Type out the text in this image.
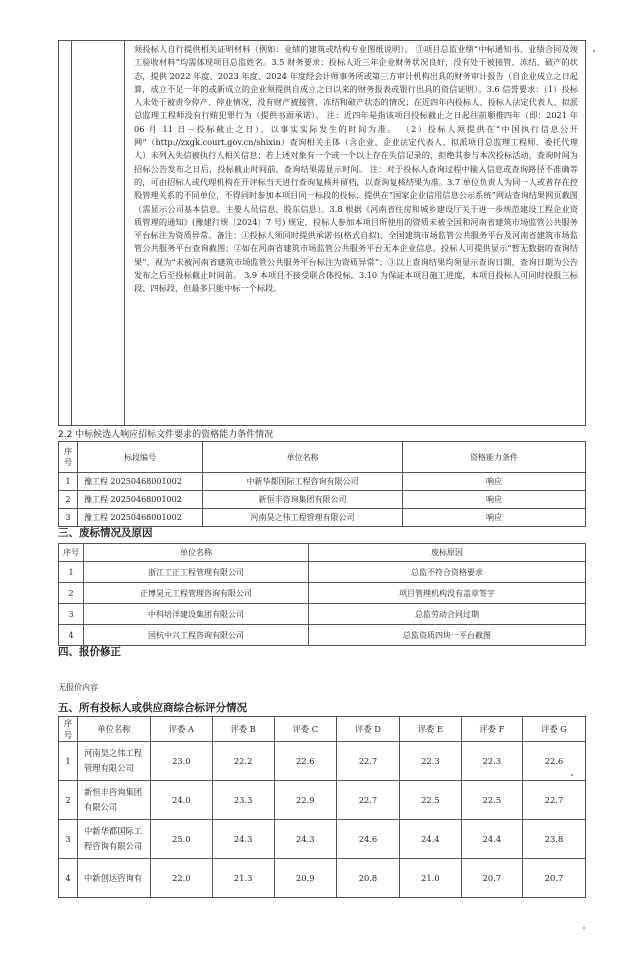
须投标人自行提供相关证明材料（例如：业绩的建筑或结构专业图纸说明）。 ③项目总监业绩“中标通知书、业绩合同及竣工验收材料”均需体现项目总监姓名。3.5 财务要求：投标人近三年企业财务状况良好，没有处于被接管、冻结、破产的状态，提供 2022 年度、2023 年度、2024 年度经会计师事务所或第三方审计机构出具的财务审计报告（自企业成立之日起算，成立不足一年的或新成立的企业须提供自成立之日以来的财务报表或银行出具的资信证明）。3.6 信誉要求：（1）投标人未处于被责令停产、停业情况，没有财产被接管、冻结和破产状态的情况；在近四年内投标人、投标人法定代表人、拟派总监理工程师没有行贿犯罪行为（提供书面承诺）。 注：近四年是指该项目投标截止之日起往前顺推四年（即：2021 年 06 月 11 日－投标截止之日），以事实实际发生的时间为准。 （2）投标人须提供在“中国执行信息公开网”（http://zxgk.court.gov.cn/shixin）查询相关主体（含企业、企业法定代表人、拟派项目总监理工程师、委托代理人）未列入失信被执行人相关信息；若上述对象有一个或一个以上存在失信记录的，拒绝其参与本次投标活动，查询时间为招标公告发布之日后，投标截止时间前，查询结果需显示时间。 注：对于投标人查询过程中输入信息或查询路径不准确等的，可由招标人或代理机构在开评标当天进行查询复核并留档，以查询复核结果为准。3.7 单位负责人为同一人或者存在控股管理关系的不同单位，不得同时参加本项目同一标段的投标；提供在“国家企业信用信息公示系统”网站查询结果网页截图（需显示公司基本信息、主要人员信息、股东信息）。3.8 根据《河南省住房和城乡建设厅关于进一步规范建设工程企业资质管理的通知》(豫建行规〔2024〕7 号) 规定，投标人参加本项目所使用的资质未被全国和河南省建筑市场监管公共服务平台标注为资质异常。备注：①投标人须同时提供承诺书(格式自拟)、全国建筑市场监管公共服务平台及河南省建筑市场监管公共服务平台查询截图；②如在河南省建筑市场监管公共服务平台无本企业信息，投标人可提供显示“暂无数据的查询结果”，视为“未被河南省建筑市场监管公共服务平台标注为资质异常”；③以上查询结果均须显示查询日期，查询日期为公告发布之后至投标截止时间前。 3.9 本项目不接受联合体投标。3.10 为保证本项目施工进度，本项目投标人可同时投报三标段、四标段，但最多只能中标一个标段。

2.2 中标候选人响应招标文件要求的资格能力条件情况
序号	标段编号	单位名称	资格能力条件
1	豫工程 20250468001002	中新华都国际工程咨询有限公司	响应
2	豫工程 20250468001002	新恒丰咨询集团有限公司	响应
3	豫工程 20250468001002	河南昊之伟工程管理有限公司	响应
三、废标情况及原因
序号	单位名称	废标原因
1	浙江工正工程管理有限公司	总监不符合资格要求
2	正博昊元工程管理咨询有限公司	项目管理机构没有盖章签字
3	中科培洋建设集团有限公司	总监劳动合同过期
4	国杭中兴工程咨询有限公司	总监资质四块一平台截图
四、报价修正
无报价内容
五、所有投标人或供应商综合标评分情况
序号	单位名称	评委 A	评委 B	评委 C	评委 D	评委 E	评委 F	评委 G
1	河南昊之伟工程
管理有限公司	23.0	22.2	22.6	22.7	22.3	22.3	22.6
2	新恒丰咨询集团
有限公司	24.0	23.3	22.9	22.7	22.5	22.5	22.7
3	中新华都国际工
程咨询有限公司	25.0	24.3	24.3	24.6	24.4	24.4	23.8
4	中新创达咨询有	22.0	21.3	20.9	20.8	21.0	20.7	20.7
